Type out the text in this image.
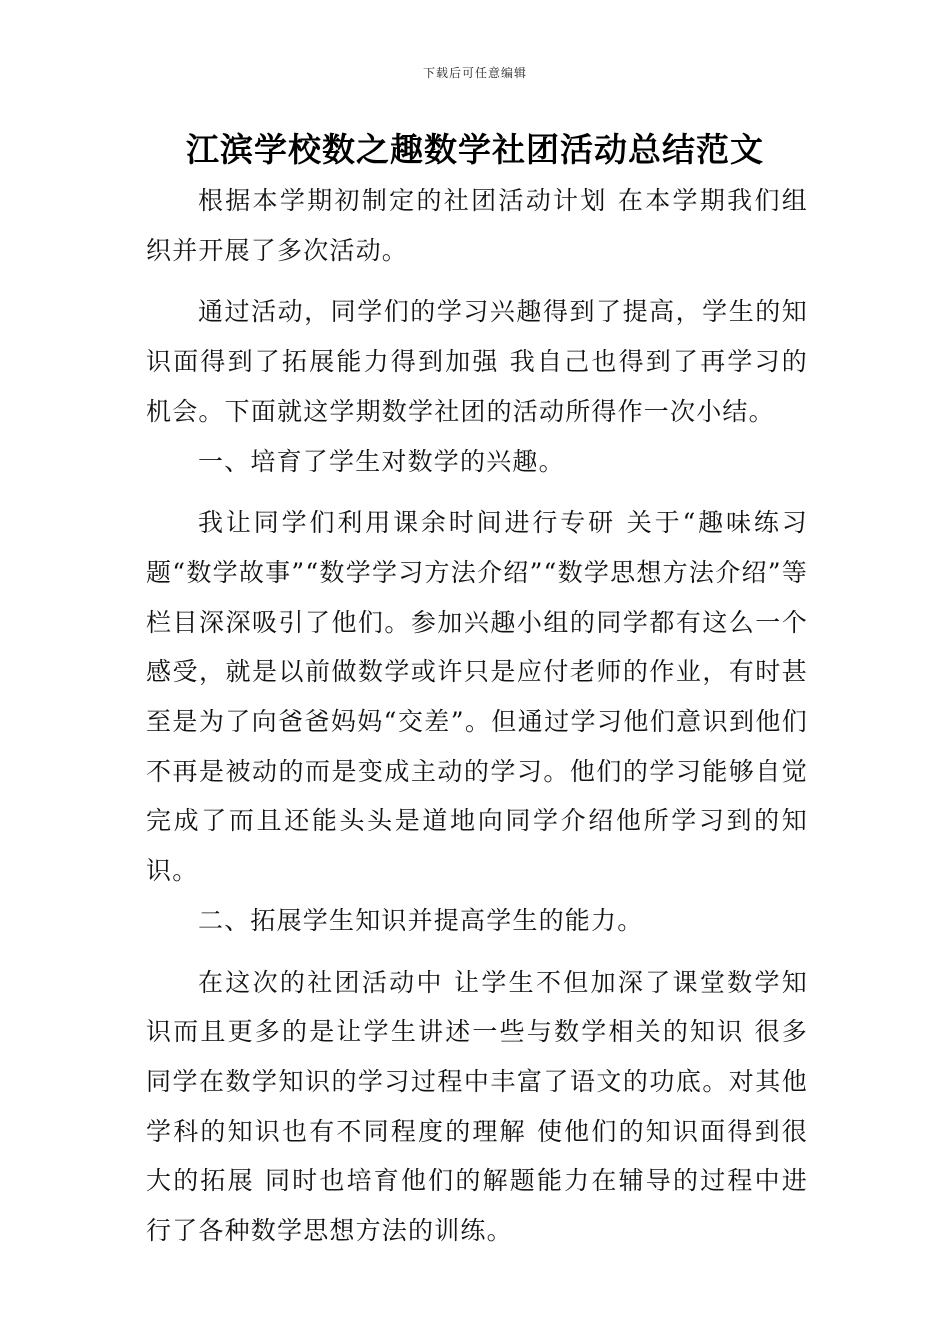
下载后可任意编辑
江滨学校数之趣数学社团活动总结范文

根据本学期初制定的社团活动计划 在本学期我们组织并开展了多次活动。

通过活动，同学们的学习兴趣得到了提高，学生的知识面得到了拓展能力得到加强 我自己也得到了再学习的机会。下面就这学期数学社团的活动所得作一次小结。

一、培育了学生对数学的兴趣。

我让同学们利用课余时间进行专研 关于“趣味练习题“数学故事”“数学学习方法介绍”“数学思想方法介绍”等栏目深深吸引了他们。参加兴趣小组的同学都有这么一个感受，就是以前做数学或许只是应付老师的作业，有时甚至是为了向爸爸妈妈“交差”。但通过学习他们意识到他们不再是被动的而是变成主动的学习。他们的学习能够自觉完成了而且还能头头是道地向同学介绍他所学习到的知识。

二、拓展学生知识并提高学生的能力。

在这次的社团活动中 让学生不但加深了课堂数学知识而且更多的是让学生讲述一些与数学相关的知识 很多同学在数学知识的学习过程中丰富了语文的功底。对其他学科的知识也有不同程度的理解 使他们的知识面得到很大的拓展 同时也培育他们的解题能力在辅导的过程中进行了各种数学思想方法的训练。
